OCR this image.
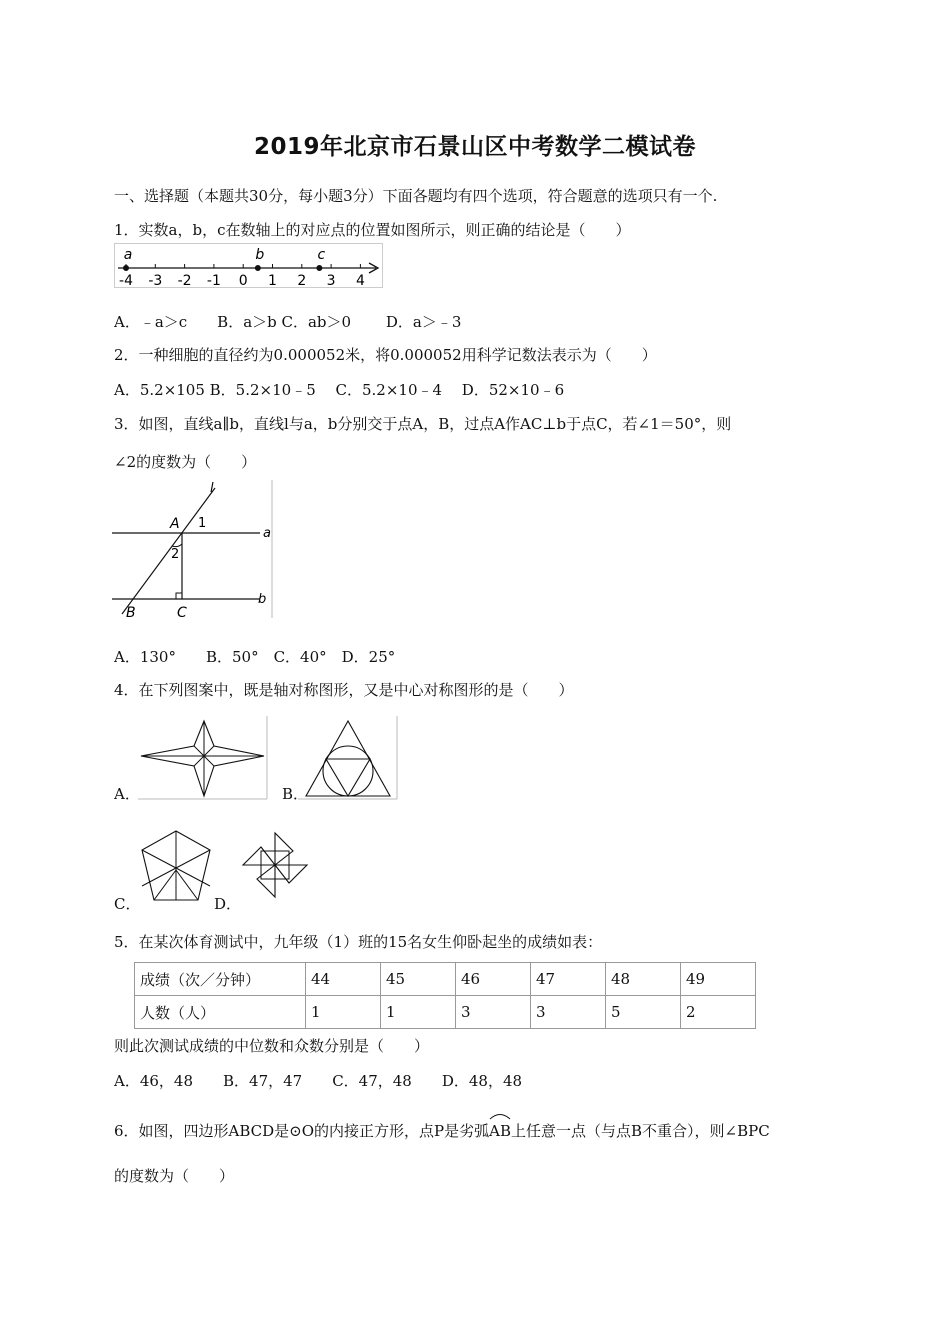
2019年北京市石景山区中考数学二模试卷
一、选择题（本题共30分，每小题3分）下面各题均有四个选项，符合题意的选项只有一个.
1．实数a，b，c在数轴上的对应点的位置如图所示，则正确的结论是（　　）
-4 -3 -2 -1 0 1 2 3 4
a	b	c
A．﹣a＞c　　B．a＞b C．ab＞0　　 D．a＞﹣3
2．一种细胞的直径约为0.000052米，将0.000052用科学记数法表示为（　　）
A．5.2×105 B．5.2×10﹣5　 C．5.2×10﹣4　 D．52×10﹣6
3．如图，直线a∥b，直线l与a，b分别交于点A，B，过点A作AC⊥b于点C，若∠1＝50°，则
∠2的度数为（　　）
l
A 1
2
a
b
B	C
A．130°　　B．50°　C．40°　D．25°
4．在下列图案中，既是轴对称图形，又是中心对称图形的是（　　）
A．	B．
C．	D．
5．在某次体育测试中，九年级（1）班的15名女生仰卧起坐的成绩如表：
成绩（次／分钟）	44	45	46	47	48	49
人数（人）	1	1	3	3	5	2
则此次测试成绩的中位数和众数分别是（　　）
A．46，48　　B．47，47　　C．47，48　　D．48，48
6．如图，四边形ABCD是⊙O的内接正方形，点P是劣弧
AB上任意一点（与点B不重合），则∠BPC
的度数为（　　）
